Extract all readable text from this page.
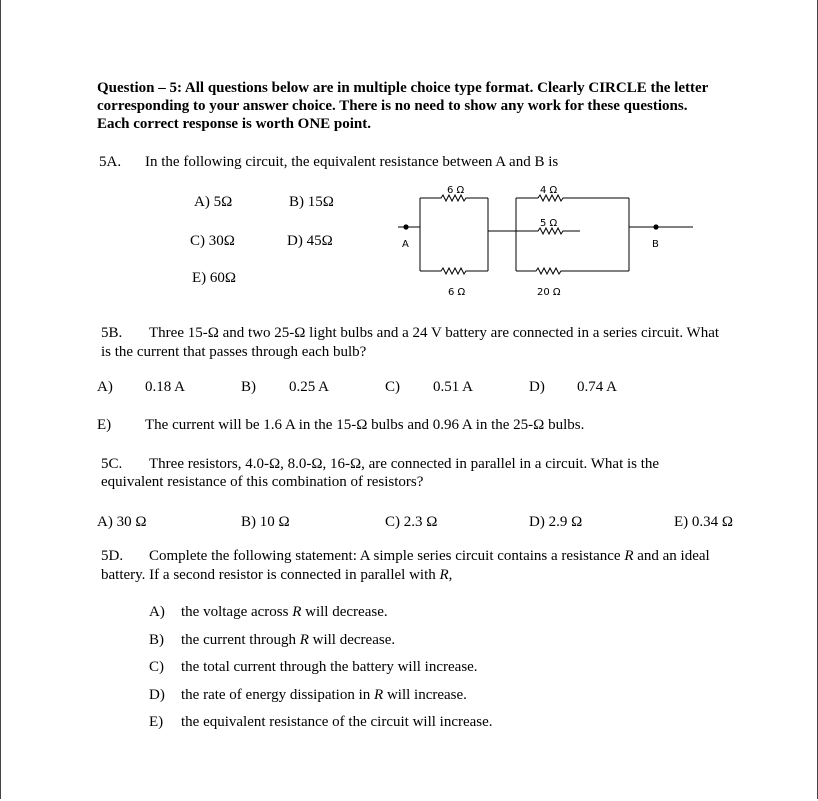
Question – 5: All questions below are in multiple choice type format. Clearly CIRCLE the letter
corresponding to your answer choice. There is no need to show any work for these questions.
Each correct response is worth ONE point.
5A. In the following circuit, the equivalent resistance between A and B is
A) 5Ω	B) 15Ω
C) 30Ω	D) 45Ω
E) 60Ω
6 Ω	4 Ω
5 Ω
6 Ω	20 Ω
A	B
5B. Three 15-Ω and two 25-Ω light bulbs and a 24 V battery are connected in a series circuit. What
is the current that passes through each bulb?
A) 0.18 A	B) 0.25 A	C) 0.51 A	D) 0.74 A
E) The current will be 1.6 A in the 15-Ω bulbs and 0.96 A in the 25-Ω bulbs.
5C. Three resistors, 4.0-Ω, 8.0-Ω, 16-Ω, are connected in parallel in a circuit. What is the
equivalent resistance of this combination of resistors?
A) 30 Ω	B) 10 Ω	C) 2.3 Ω	D) 2.9 Ω	E) 0.34 Ω
5D. Complete the following statement: A simple series circuit contains a resistance R and an ideal
battery. If a second resistor is connected in parallel with R,
A) the voltage across R will decrease.
B) the current through R will decrease.
C) the total current through the battery will increase.
D) the rate of energy dissipation in R will increase.
E) the equivalent resistance of the circuit will increase.
